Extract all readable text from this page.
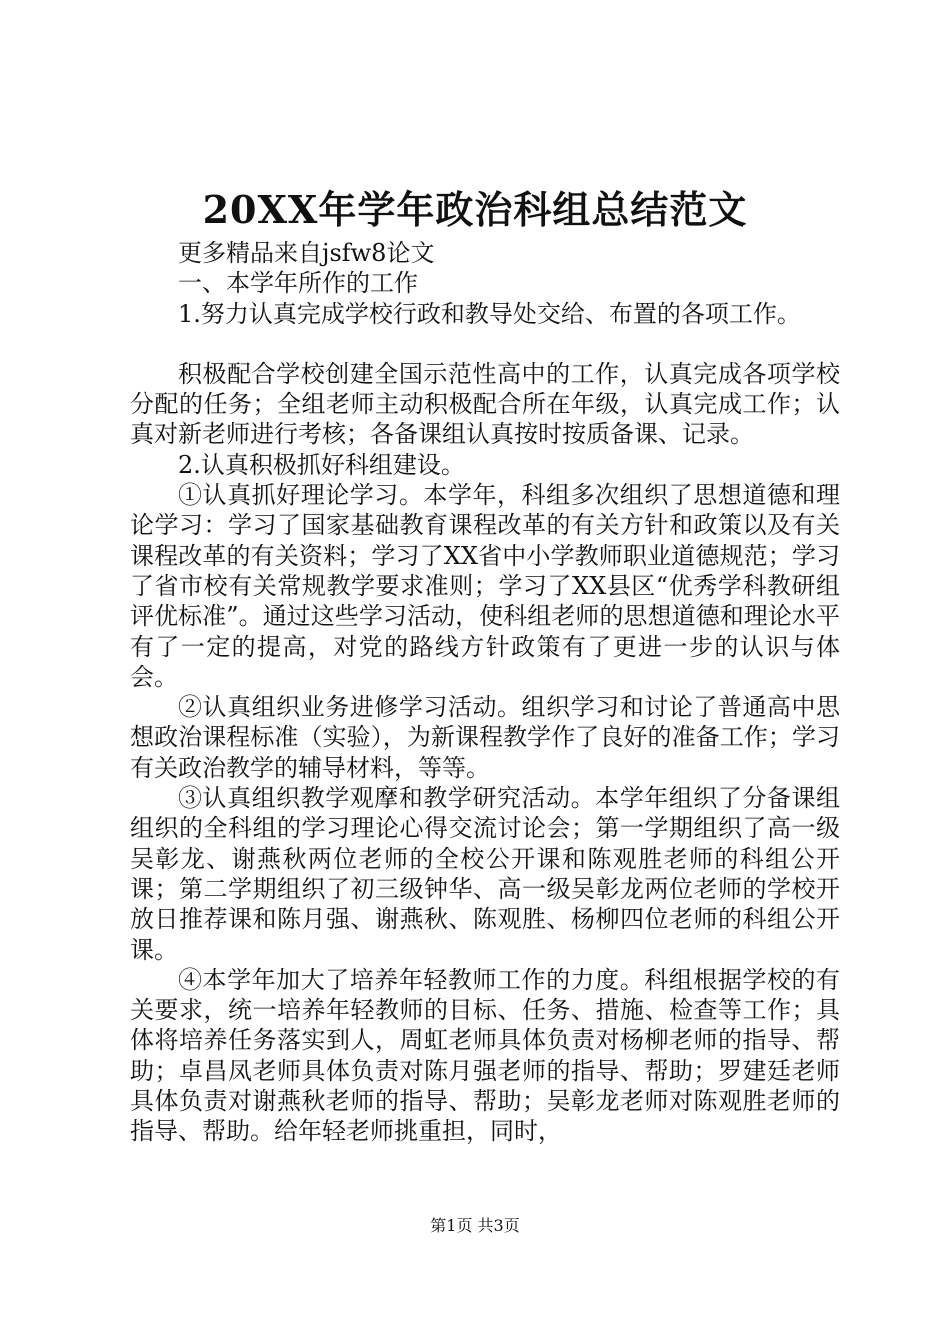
20XX年学年政治科组总结范文

更多精品来自jsfw8论文

一、本学年所作的工作

1.努力认真完成学校行政和教导处交给、布置的各项工作。

积极配合学校创建全国示范性高中的工作，认真完成各项学校分配的任务；全组老师主动积极配合所在年级，认真完成工作；认真对新老师进行考核；各备课组认真按时按质备课、记录。

2.认真积极抓好科组建设。

①认真抓好理论学习。本学年，科组多次组织了思想道德和理论学习：学习了国家基础教育课程改革的有关方针和政策以及有关课程改革的有关资料；学习了XX省中小学教师职业道德规范；学习了省市校有关常规教学要求准则；学习了XX县区“优秀学科教研组评优标准”。通过这些学习活动，使科组老师的思想道德和理论水平有了一定的提高，对党的路线方针政策有了更进一步的认识与体会。

②认真组织业务进修学习活动。组织学习和讨论了普通高中思想政治课程标准（实验），为新课程教学作了良好的准备工作；学习有关政治教学的辅导材料，等等。

③认真组织教学观摩和教学研究活动。本学年组织了分备课组组织的全科组的学习理论心得交流讨论会；第一学期组织了高一级吴彰龙、谢燕秋两位老师的全校公开课和陈观胜老师的科组公开课；第二学期组织了初三级钟华、高一级吴彰龙两位老师的学校开放日推荐课和陈月强、谢燕秋、陈观胜、杨柳四位老师的科组公开课。

④本学年加大了培养年轻教师工作的力度。科组根据学校的有关要求，统一培养年轻教师的目标、任务、措施、检查等工作；具体将培养任务落实到人，周虹老师具体负责对杨柳老师的指导、帮助；卓昌凤老师具体负责对陈月强老师的指导、帮助；罗建廷老师具体负责对谢燕秋老师的指导、帮助；吴彰龙老师对陈观胜老师的指导、帮助。给年轻老师挑重担，同时，

第1页 共3页
